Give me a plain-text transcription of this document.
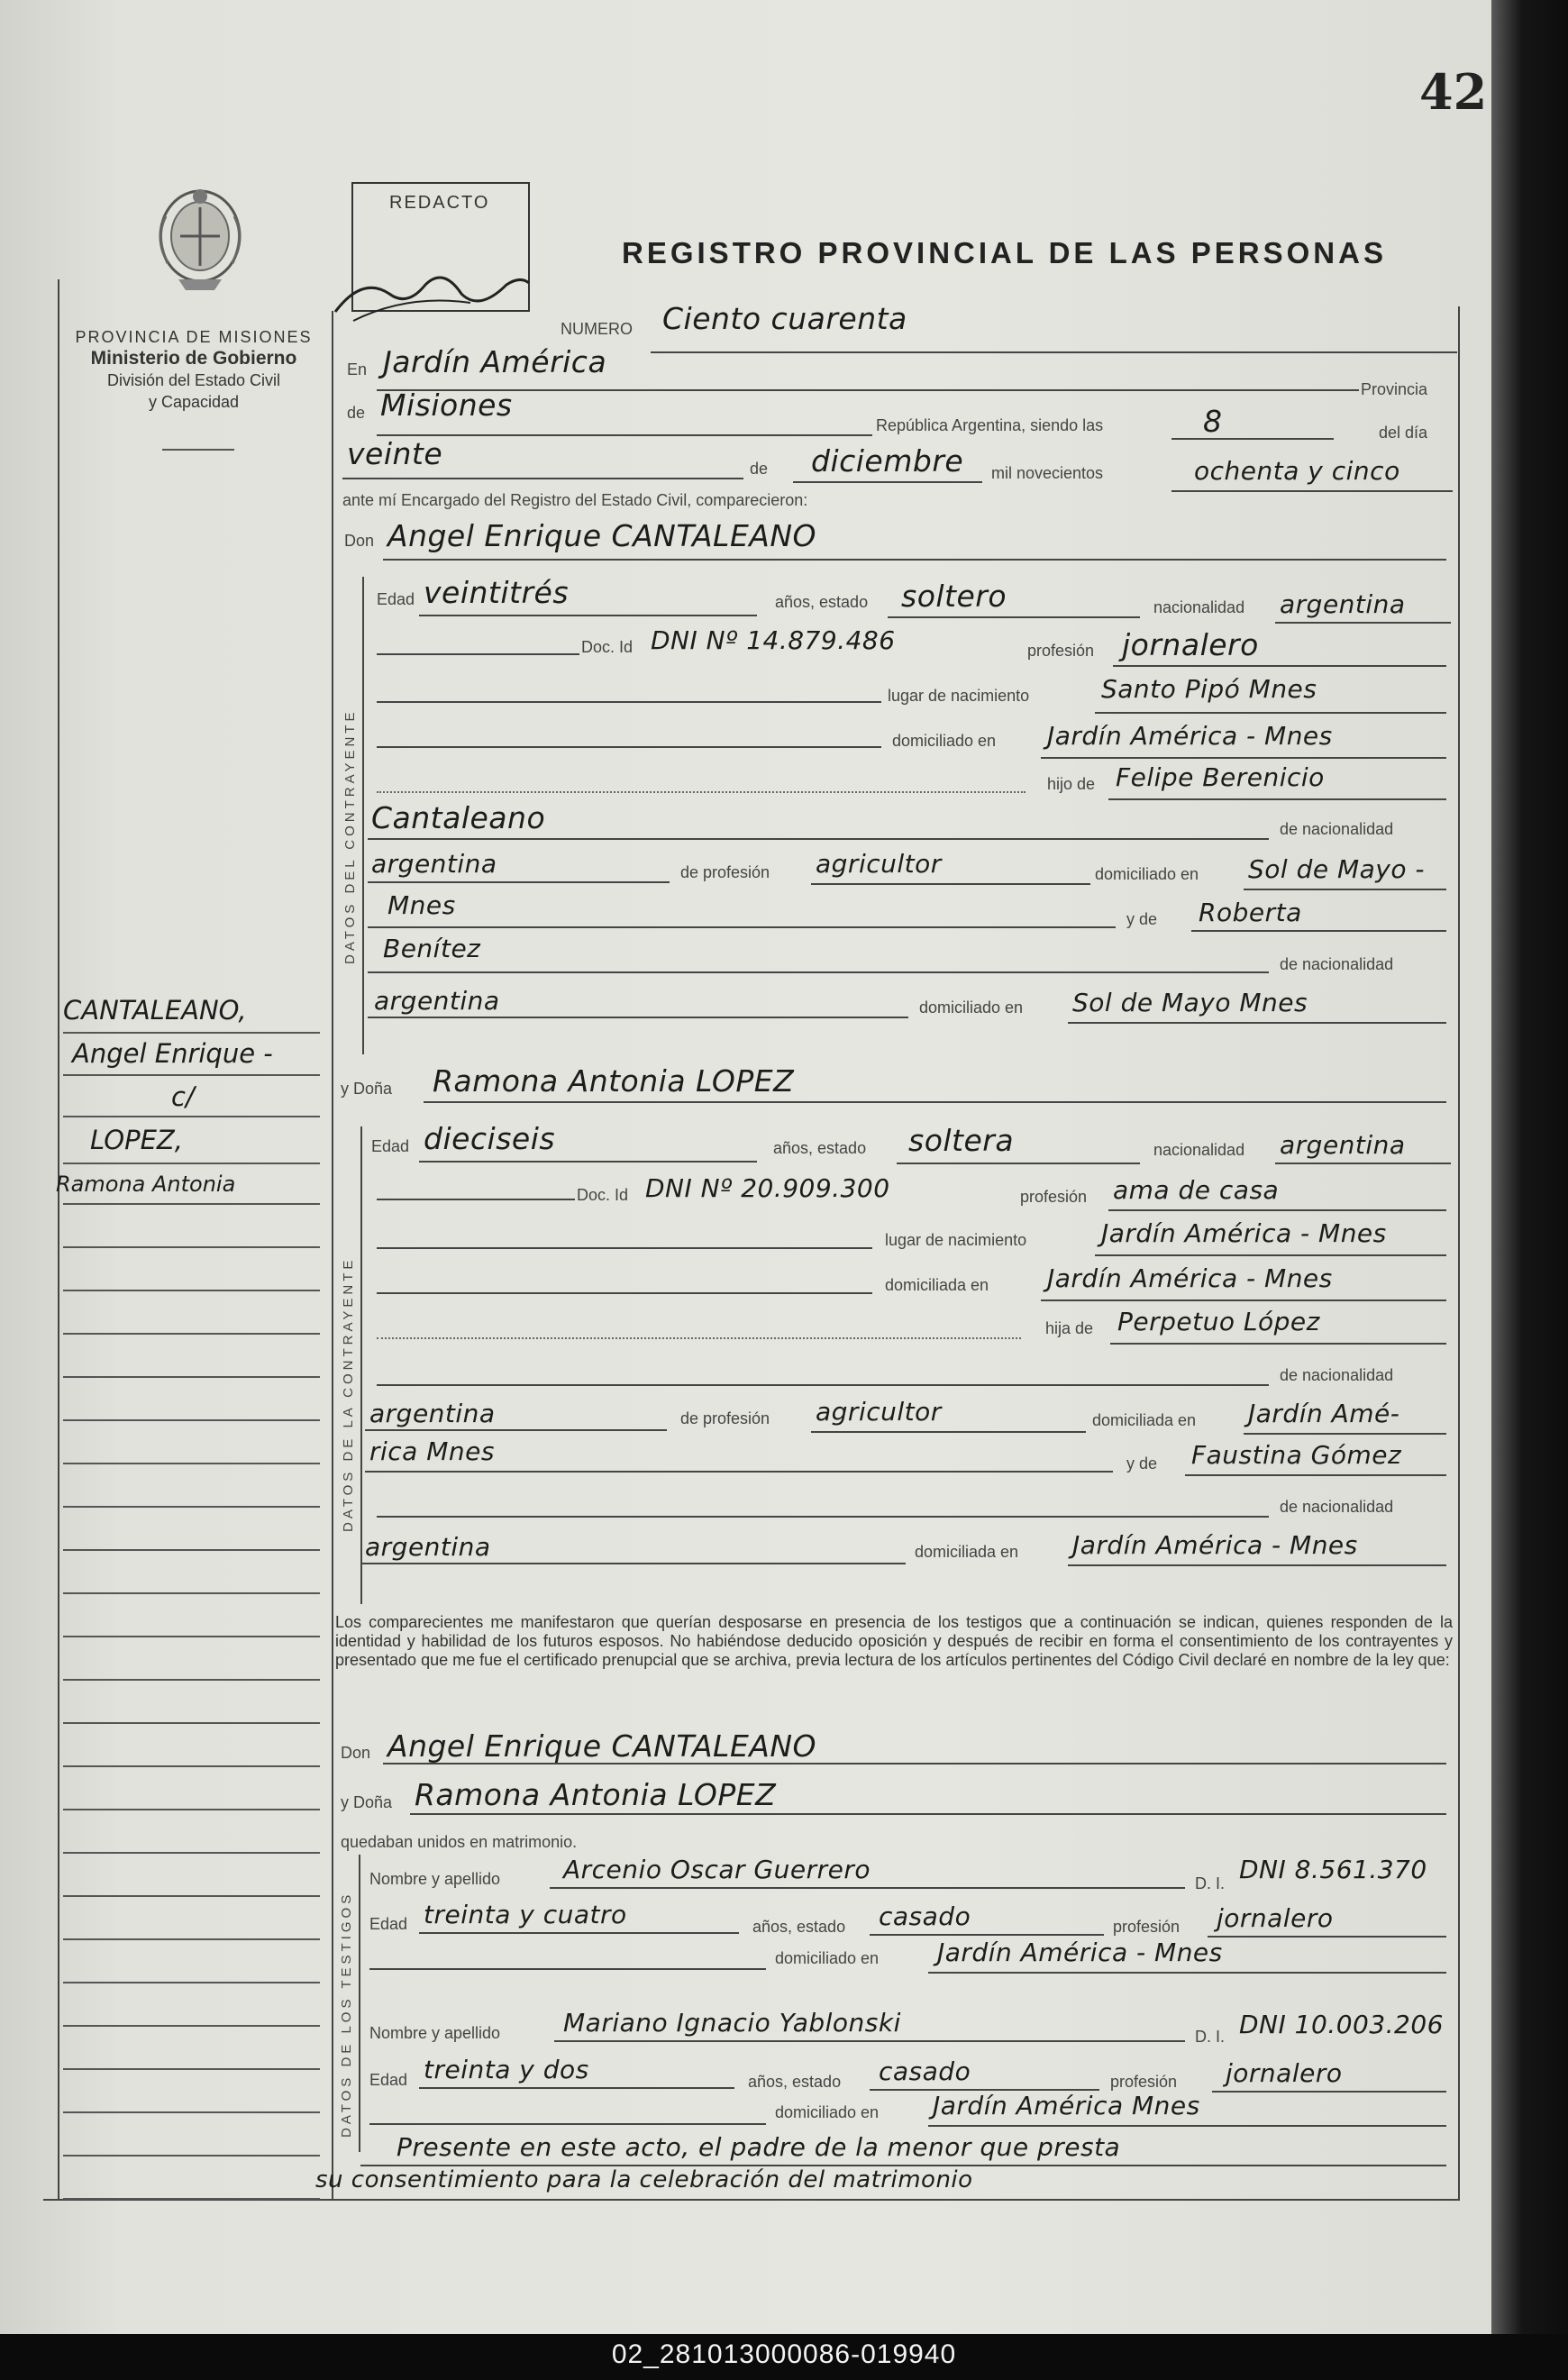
02_281013000086-019940
42
PROVINCIA DE MISIONES
Ministerio de Gobierno
División del Estado Civil
y Capacidad
REDACTO
REGISTRO PROVINCIAL DE LAS PERSONAS
NUMERO Ciento cuarenta
En Jardín América
Provincia
de Misiones
República Argentina, siendo las	8	del día
veinte	de diciembre mil novecientos	ochenta y cinco
ante mí Encargado del Registro del Estado Civil, comparecieron:
Don Angel Enrique CANTALEANO
DATOS DEL CONTRAYENTE
Edad veintitrés	años, estado soltero	nacionalidad argentina
Doc. Id DNI Nº 14.879.486	profesión jornalero
lugar de nacimiento	Santo Pipó Mnes
domiciliado en Jardín América - Mnes
hijo de Felipe Berenicio
Cantaleano	de nacionalidad
argentina	de profesión agricultor	domiciliado en Sol de Mayo -
Mnes	y de Roberta
Benítez
de nacionalidad
argentina	domiciliado en Sol de Mayo Mnes
y Doña Ramona Antonia LOPEZ
DATOS DE LA CONTRAYENTE
Edad dieciseis	años, estado soltera	nacionalidad argentina
Doc. Id DNI Nº 20.909.300	profesión ama de casa
lugar de nacimiento	Jardín América - Mnes
domiciliada en Jardín América - Mnes
hija de Perpetuo López
de nacionalidad
argentina	de profesión agricultor	domiciliada en Jardín Amé-
rica Mnes	y de Faustina Gómez
de nacionalidad
argentina	domiciliada en Jardín América - Mnes
Los comparecientes me manifestaron que querían desposarse en presencia de los testigos que a continuación se indican, quienes responden de la identidad y habilidad de los futuros esposos. No habiéndose deducido oposición y después de recibir en forma el consentimiento de los contrayentes y presentado que me fue el certificado prenupcial que se archiva, previa lectura de los artículos pertinentes del Código Civil declaré en nombre de la ley que:
Don Angel Enrique CANTALEANO
y Doña Ramona Antonia LOPEZ
quedaban unidos en matrimonio.
DATOS DE LOS TESTIGOS
Nombre y apellido Arcenio Oscar Guerrero	D. I. DNI 8.561.370
Edad treinta y cuatro	años, estado casado	profesión jornalero
domiciliado en Jardín América - Mnes
Nombre y apellido Mariano Ignacio Yablonski	D. I. DNI 10.003.206
Edad treinta y dos	años, estado casado	profesión jornalero
domiciliado en Jardín América Mnes
Presente en este acto, el padre de la menor que presta
su consentimiento para la celebración del matrimonio
CANTALEANO,
Angel Enrique -
c/
LOPEZ,
Ramona Antonia
